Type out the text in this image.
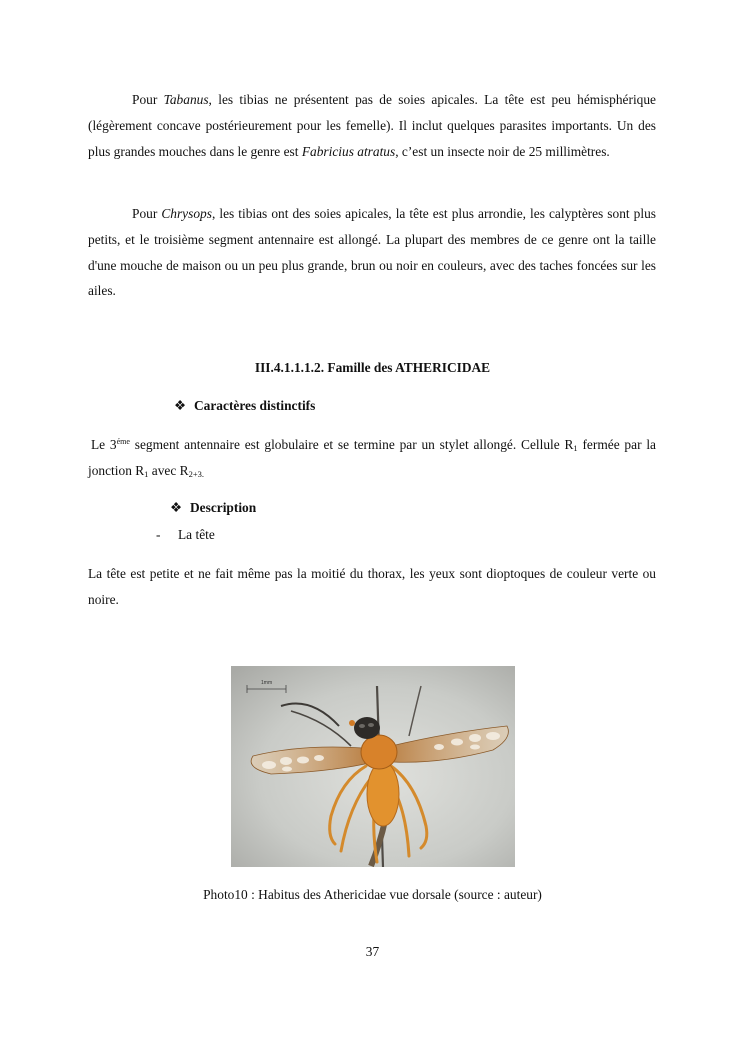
Pour Tabanus, les tibias ne présentent pas de soies apicales. La tête est peu hémisphérique (légèrement concave postérieurement pour les femelle). Il inclut quelques parasites importants. Un des plus grandes mouches dans le genre est Fabricius atratus, c’est un insecte noir de 25 millimètres.

Pour Chrysops, les tibias ont des soies apicales, la tête est plus arrondie, les calyptères sont plus petits, et le troisième segment antennaire est allongé. La plupart des membres de ce genre ont la taille d'une mouche de maison ou un peu plus grande, brun ou noir en couleurs, avec des taches foncées sur les ailes.

III.4.1.1.1.2. Famille des ATHERICIDAE

❖ Caractères distinctifs

Le $3^{éme}$ segment antennaire est globulaire et se termine par un stylet allongé. Cellule $R_1$ fermée par la jonction $R_1$ avec $R_{2+3.}$

❖ Description

- La tête

La tête est petite et ne fait même pas la moitié du thorax, les yeux sont dioptoques de couleur verte ou noire.

1mm

Photo10 : Habitus des Athericidae vue dorsale (source : auteur)

37
